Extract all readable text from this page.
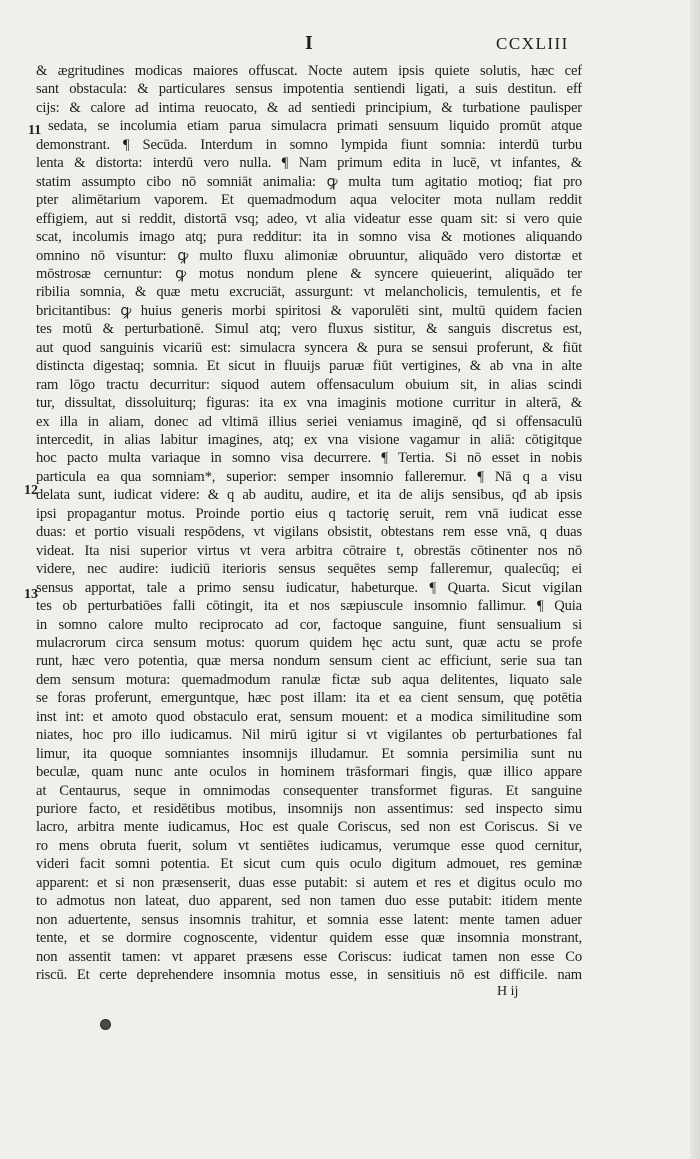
I	CCXLIII
11
12
13
& ægritudines modicas maiores offuscat. Nocte autem ipsis quiete solutis, hæc cef
sant obstacula: & particulares sensus impotentia sentiendi ligati, a suis destitun. eff
cijs: & calore ad intima reuocato, & ad sentiedi principium, & turbatione paulisper
sedata, se incolumia etiam parua simulacra primati sensuum liquido promūt atque
demonstrant. ¶ Secūda. Interdum in somno lympida fiunt somnia: interdū turbu
lenta & distorta: interdū vero nulla. ¶ Nam primum edita in lucē, vt infantes, &
statim assumpto cibo nō somniāt animalia: ꝙ multa tum agitatio motioq; fiat pro
pter alimētarium vaporem. Et quemadmodum aqua velociter mota nullam reddit
effigiem, aut si reddit, distortā vsq; adeo, vt alia videatur esse quam sit: si vero quie
scat, incolumis imago atq; pura redditur: ita in somno visa & motiones aliquando
omnino nō visuntur: ꝙ multo fluxu alimoniæ obruuntur, aliquādo vero distortæ et
mōstrosæ cernuntur: ꝙ motus nondum plene & syncere quieuerint, aliquādo ter
ribilia somnia, & quæ metu excruciāt, assurgunt: vt melancholicis, temulentis, et fe
bricitantibus: ꝙ huius generis morbi spiritosi & vaporulēti sint, multū quidem facien
tes motū & perturbationē. Simul atq; vero fluxus sistitur, & sanguis discretus est,
aut quod sanguinis vicariū est: simulacra syncera & pura se sensui proferunt, & fiūt
distincta digestaq; somnia. Et sicut in fluuijs paruæ fiūt vertigines, & ab vna in alte
ram lōgo tractu decurritur: siquod autem offensaculum obuium sit, in alias scindi
tur, dissultat, dissoluiturq; figuras: ita ex vna imaginis motione curritur in alterā, &
ex illa in aliam, donec ad vltimā illius seriei veniamus imaginē, qđ si offensaculū
intercedit, in alias labitur imagines, atq; ex vna visione vagamur in aliā: cōtigitque
hoc pacto multa variaque in somno visa decurrere. ¶ Tertia. Si nō esset in nobis
particula ea qua somniam*, superior: semper insomnio falleremur. ¶ Nā q a visu
delata sunt, iudicat videre: & q ab auditu, audire, et ita de alijs sensibus, qđ ab ipsis
ipsi propagantur motus. Proinde portio eius q tactorię seruit, rem vnā iudicat esse
duas: et portio visuali respōdens, vt vigilans obsistit, obtestans rem esse vnā, q duas
videat. Ita nisi superior virtus vt vera arbitra cōtraire t, obrestās cōtinenter nos nō
videre, nec audire: iudiciū iterioris sensus sequētes semp falleremur, qualecūq; ei
sensus apportat, tale a primo sensu iudicatur, habeturque. ¶ Quarta. Sicut vigilan
tes ob perturbatiōes falli cōtingit, ita et nos sæpiuscule insomnio fallimur. ¶ Quia
in somno calore multo reciprocato ad cor, factoque sanguine, fiunt sensualium si
mulacrorum circa sensum motus: quorum quidem hęc actu sunt, quæ actu se profe
runt, hæc vero potentia, quæ mersa nondum sensum cient ac efficiunt, serie sua tan
dem sensum motura: quemadmodum ranulæ fictæ sub aqua delitentes, liquato sale
se foras proferunt, emerguntque, hæc post illam: ita et ea cient sensum, quę potētia
inst int: et amoto quod obstaculo erat, sensum mouent: et a modica similitudine som
niates, hoc pro illo iudicamus. Nil mirū igitur si vt vigilantes ob perturbationes fal
limur, ita quoque somniantes insomnijs illudamur. Et somnia persimilia sunt nu
beculæ, quam nunc ante oculos in hominem trāsformari fingis, quæ illico appare
at Centaurus, seque in omnimodas consequenter transformet figuras. Et sanguine
puriore facto, et residētibus motibus, insomnijs non assentimus: sed inspecto simu
lacro, arbitra mente iudicamus, Hoc est quale Coriscus, sed non est Coriscus. Si ve
ro mens obruta fuerit, solum vt sentiētes iudicamus, verumque esse quod cernitur,
videri facit somni potentia. Et sicut cum quis oculo digitum admouet, res geminæ
apparent: et si non præsenserit, duas esse putabit: si autem et res et digitus oculo mo
to admotus non lateat, duo apparent, sed non tamen duo esse putabit: itidem mente
non aduertente, sensus insomnis trahitur, et somnia esse latent: mente tamen aduer
tente, et se dormire cognoscente, videntur quidem esse quæ insomnia monstrant,
non assentit tamen: vt apparet præsens esse Coriscus: iudicat tamen non esse Co
riscū. Et certe deprehendere insomnia motus esse, in sensitiuis nō est difficile. nam
H ij
